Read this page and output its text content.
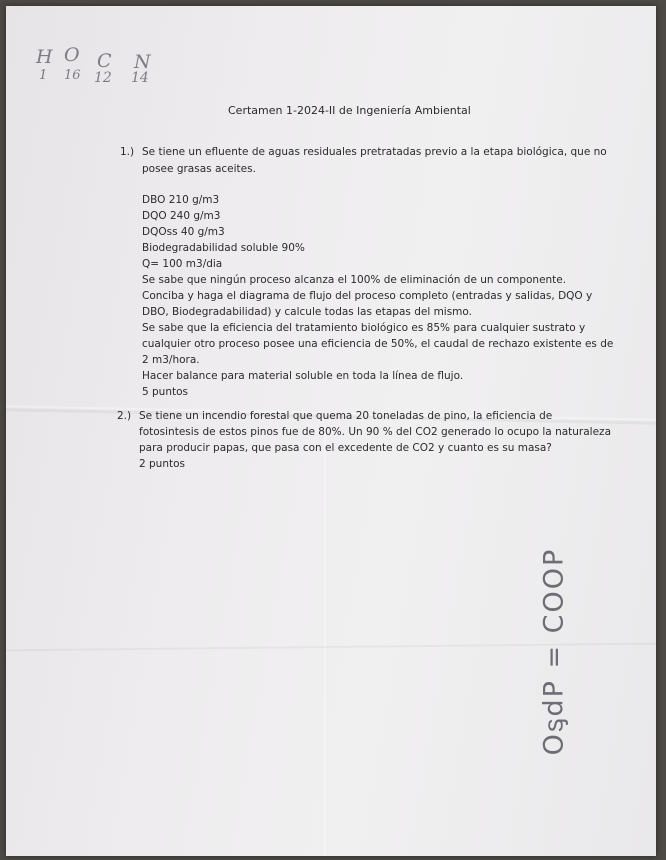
H O C N
1 16 12 14

Certamen 1-2024-II de Ingeniería Ambiental

1.) Se tiene un efluente de aguas residuales pretratadas previo a la etapa biológica, que no

posee grasas aceites.

DBO 210 g/m3

DQO 240 g/m3

DQOss 40 g/m3

Biodegradabilidad soluble 90%

Q= 100 m3/dia

Se sabe que ningún proceso alcanza el 100% de eliminación de un componente.

Conciba y haga el diagrama de flujo del proceso completo (entradas y salidas, DQO y

DBO, Biodegradabilidad) y calcule todas las etapas del mismo.

Se sabe que la eficiencia del tratamiento biológico es 85% para cualquier sustrato y

cualquier otro proceso posee una eficiencia de 50%, el caudal de rechazo existente es de

2 m3/hora.

Hacer balance para material soluble en toda la línea de flujo.

5 puntos

2.) Se tiene un incendio forestal que quema 20 toneladas de pino, la eficiencia de

fotosintesis de estos pinos fue de 80%. Un 90 % del CO2 generado lo ocupo la naturaleza

para producir papas, que pasa con el excedente de CO2 y cuanto es su masa?

2 puntos

OᶊdP = COOP
